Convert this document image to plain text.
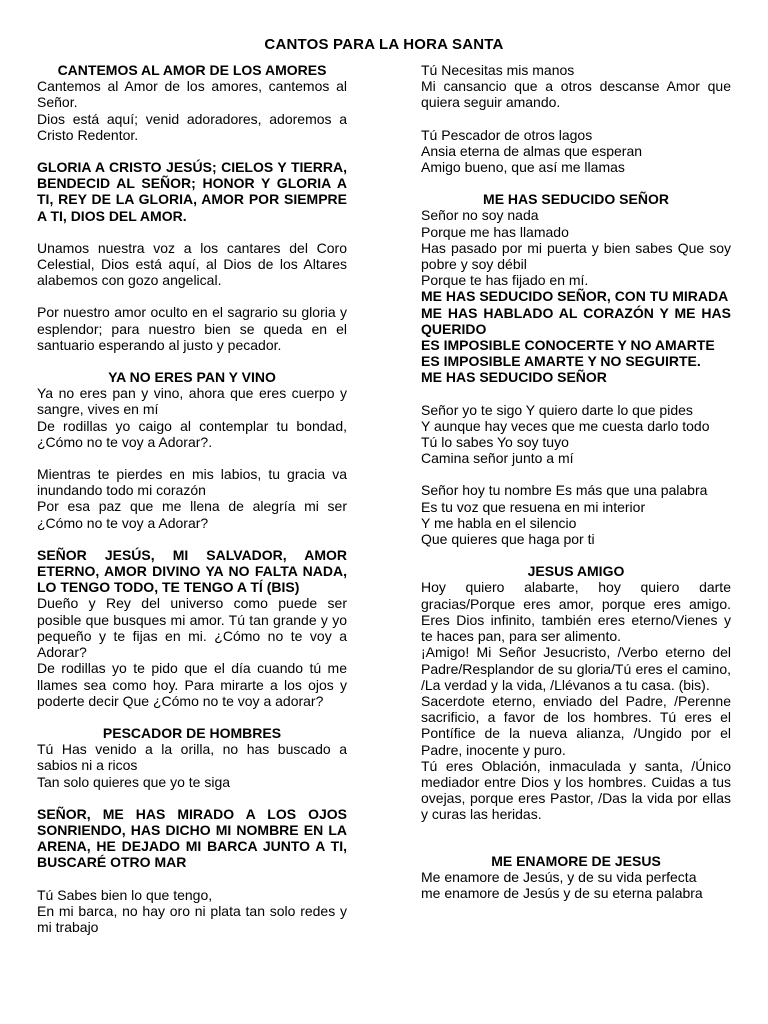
CANTOS PARA LA HORA SANTA

CANTEMOS AL AMOR DE LOS AMORES

Cantemos al Amor de los amores, cantemos al Señor.

Dios está aquí; venid adoradores, adoremos a Cristo Redentor.

GLORIA A CRISTO JESÚS; CIELOS Y TIERRA, BENDECID AL SEÑOR; HONOR Y GLORIA A TI, REY DE LA GLORIA, AMOR POR SIEMPRE A TI, DIOS DEL AMOR.

Unamos nuestra voz a los cantares del Coro Celestial, Dios está aquí, al Dios de los Altares alabemos con gozo angelical.

Por nuestro amor oculto en el sagrario su gloria y esplendor; para nuestro bien se queda en el santuario esperando al justo y pecador.

YA NO ERES PAN Y VINO

Ya no eres pan y vino, ahora que eres cuerpo y sangre, vives en mí

De rodillas yo caigo al contemplar tu bondad, ¿Cómo no te voy a Adorar?.

Mientras te pierdes en mis labios, tu gracia va inundando todo mi corazón

Por esa paz que me llena de alegría mi ser ¿Cómo no te voy a Adorar?

SEÑOR JESÚS, MI SALVADOR, AMOR ETERNO, AMOR DIVINO YA NO FALTA NADA, LO TENGO TODO, TE TENGO A TÍ (BIS)

Dueño y Rey del universo como puede ser posible que busques mi amor. Tú tan grande y yo pequeño y te fijas en mi. ¿Cómo no te voy a Adorar?

De rodillas yo te pido que el día cuando tú me llames sea como hoy. Para mirarte a los ojos y poderte decir Que ¿Cómo no te voy a adorar?

PESCADOR DE HOMBRES

Tú Has venido a la orilla, no has buscado a sabios ni a ricos

Tan solo quieres que yo te siga

SEÑOR, ME HAS MIRADO A LOS OJOS SONRIENDO, HAS DICHO MI NOMBRE EN LA ARENA, HE DEJADO MI BARCA JUNTO A TI, BUSCARÉ OTRO MAR

Tú Sabes bien lo que tengo,

En mi barca, no hay oro ni plata tan solo redes y mi trabajo

Tú Necesitas mis manos

Mi cansancio que a otros descanse Amor que quiera seguir amando.

Tú Pescador de otros lagos

Ansia eterna de almas que esperan

Amigo bueno, que así me llamas

ME HAS SEDUCIDO SEÑOR

Señor no soy nada

Porque me has llamado

Has pasado por mi puerta y bien sabes Que soy pobre y soy débil

Porque te has fijado en mí.

ME HAS SEDUCIDO SEÑOR, CON TU MIRADA

ME HAS HABLADO AL CORAZÓN Y ME HAS QUERIDO

ES IMPOSIBLE CONOCERTE Y NO AMARTE

ES IMPOSIBLE AMARTE Y NO SEGUIRTE.

ME HAS SEDUCIDO SEÑOR

Señor yo te sigo Y quiero darte lo que pides

Y aunque hay veces que me cuesta darlo todo

Tú lo sabes Yo soy tuyo

Camina señor junto a mí

Señor hoy tu nombre Es más que una palabra

Es tu voz que resuena en mi interior

Y me habla en el silencio

Que quieres que haga por ti

JESUS AMIGO

Hoy quiero alabarte, hoy quiero darte gracias/Porque eres amor, porque eres amigo. Eres Dios infinito, también eres eterno/Vienes y te haces pan, para ser alimento.

¡Amigo! Mi Señor Jesucristo, /Verbo eterno del Padre/Resplandor de su gloria/Tú eres el camino, /La verdad y la vida, /Llévanos a tu casa. (bis).

Sacerdote eterno, enviado del Padre, /Perenne sacrificio, a favor de los hombres. Tú eres el Pontífice de la nueva alianza, /Ungido por el Padre, inocente y puro.

Tú eres Oblación, inmaculada y santa, /Único mediador entre Dios y los hombres. Cuidas a tus ovejas, porque eres Pastor, /Das la vida por ellas y curas las heridas.

ME ENAMORE DE JESUS

Me enamore de Jesús, y de su vida perfecta

me enamore de Jesús y de su eterna palabra
